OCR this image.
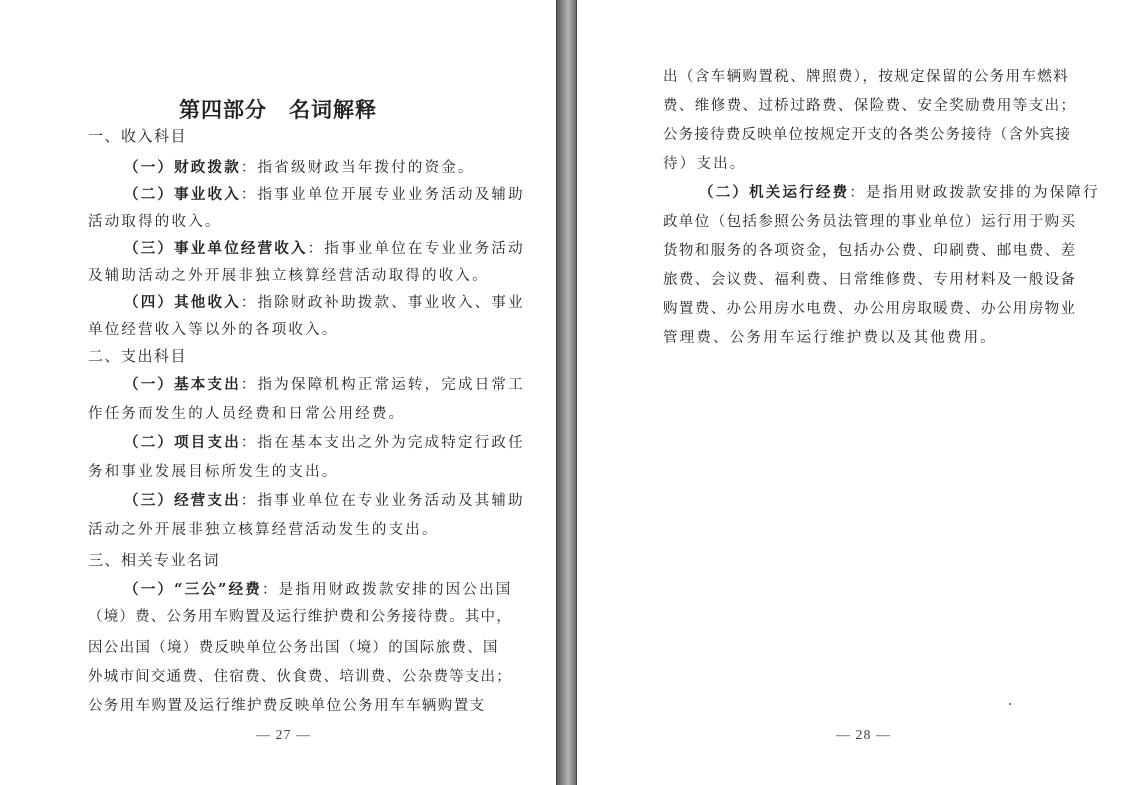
第四部分　名词解释
一、收入科目
（一）财政拨款：指省级财政当年拨付的资金。
（二）事业收入：指事业单位开展专业业务活动及辅助
活动取得的收入。
（三）事业单位经营收入：指事业单位在专业业务活动
及辅助活动之外开展非独立核算经营活动取得的收入。
（四）其他收入：指除财政补助拨款、事业收入、事业
单位经营收入等以外的各项收入。
二、支出科目
（一）基本支出：指为保障机构正常运转，完成日常工
作任务而发生的人员经费和日常公用经费。
（二）项目支出：指在基本支出之外为完成特定行政任
务和事业发展目标所发生的支出。
（三）经营支出：指事业单位在专业业务活动及其辅助
活动之外开展非独立核算经营活动发生的支出。
三、相关专业名词
（一）“三公”经费：是指用财政拨款安排的因公出国
（境）费、公务用车购置及运行维护费和公务接待费。其中，
因公出国（境）费反映单位公务出国（境）的国际旅费、国
外城市间交通费、住宿费、伙食费、培训费、公杂费等支出；
公务用车购置及运行维护费反映单位公务用车车辆购置支
— 27 —
出（含车辆购置税、牌照费），按规定保留的公务用车燃料
费、维修费、过桥过路费、保险费、安全奖励费用等支出；
公务接待费反映单位按规定开支的各类公务接待（含外宾接
待）支出。
（二）机关运行经费：是指用财政拨款安排的为保障行
政单位（包括参照公务员法管理的事业单位）运行用于购买
货物和服务的各项资金，包括办公费、印刷费、邮电费、差
旅费、会议费、福利费、日常维修费、专用材料及一般设备
购置费、办公用房水电费、办公用房取暖费、办公用房物业
管理费、公务用车运行维护费以及其他费用。
— 28 —
